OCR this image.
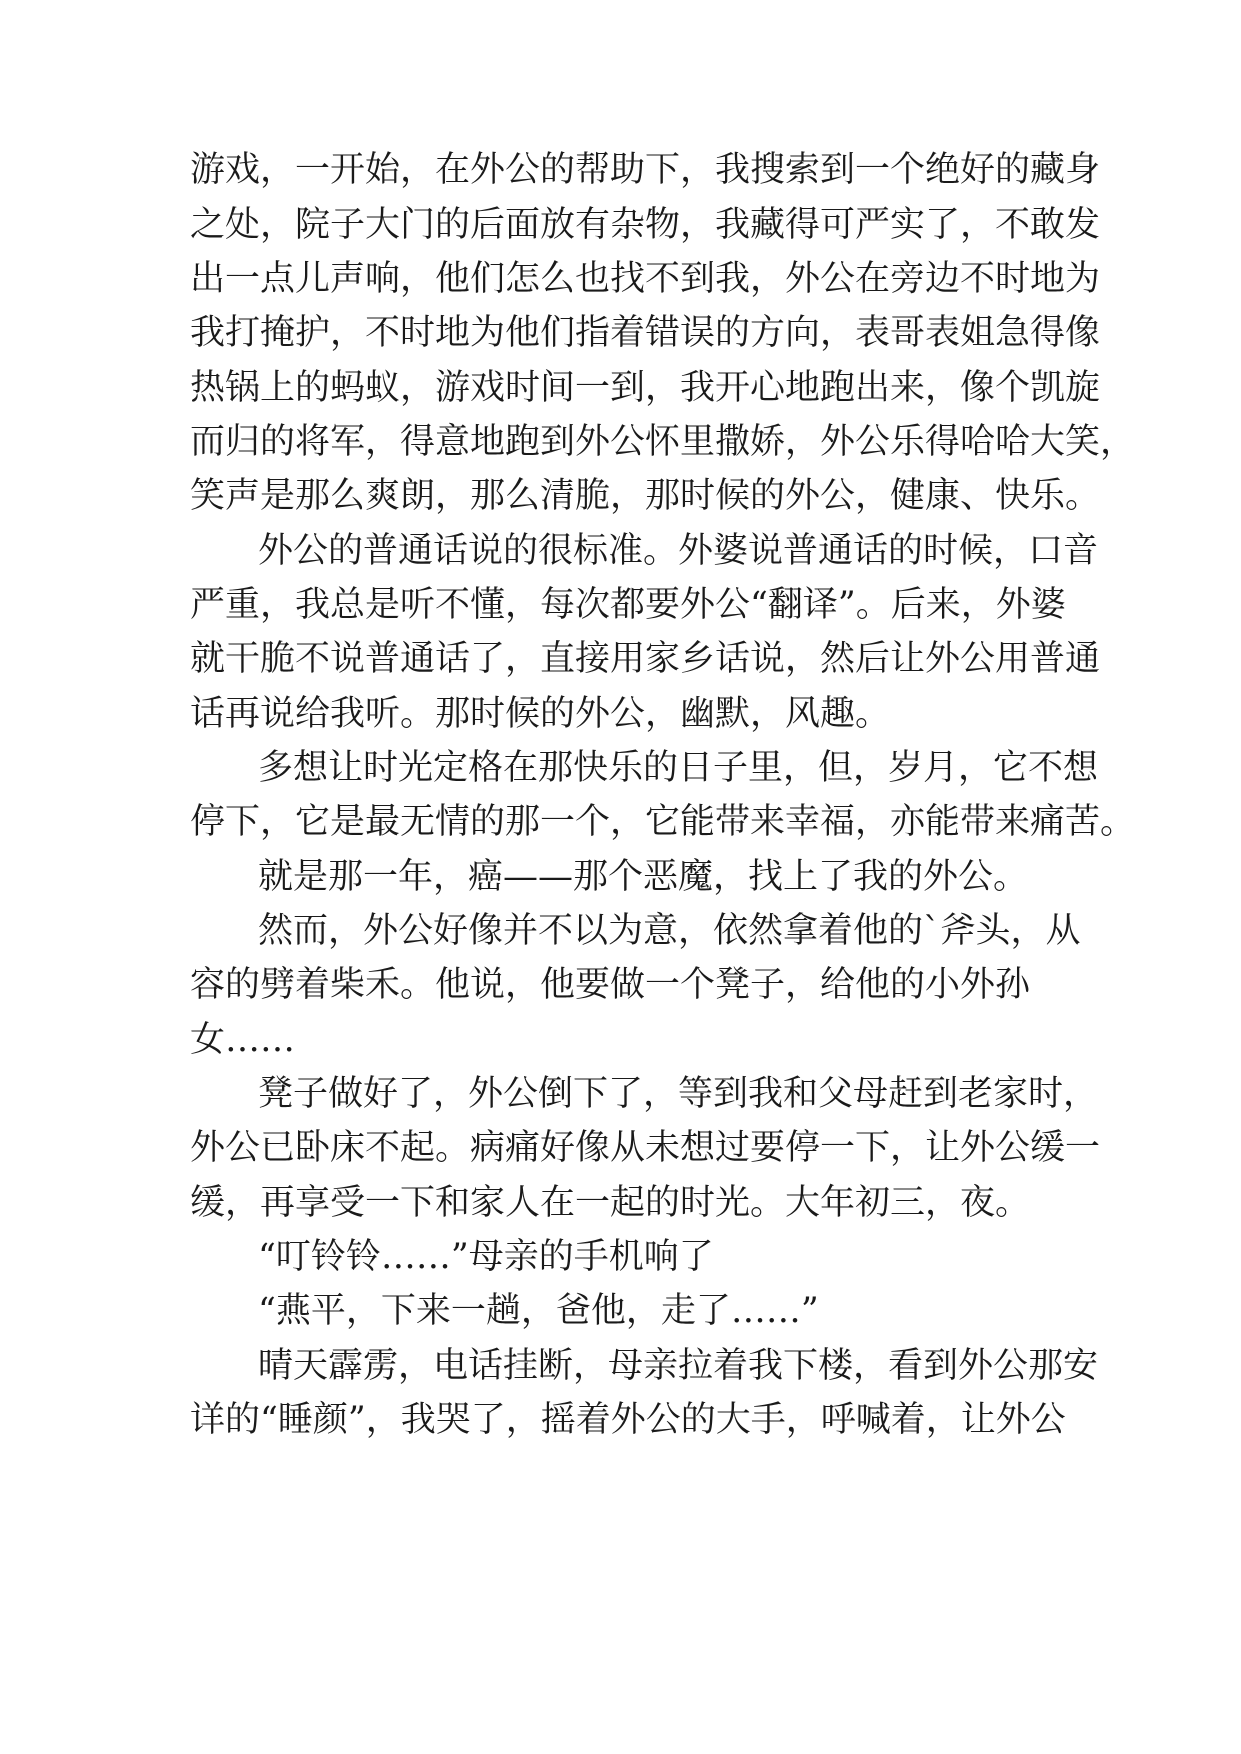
游戏，一开始，在外公的帮助下，我搜索到一个绝好的藏身
之处，院子大门的后面放有杂物，我藏得可严实了，不敢发
出一点儿声响，他们怎么也找不到我，外公在旁边不时地为
我打掩护，不时地为他们指着错误的方向，表哥表姐急得像
热锅上的蚂蚁，游戏时间一到，我开心地跑出来，像个凯旋
而归的将军，得意地跑到外公怀里撒娇，外公乐得哈哈大笑，
笑声是那么爽朗，那么清脆，那时候的外公，健康、快乐。
外公的普通话说的很标准。外婆说普通话的时候，口音
严重，我总是听不懂，每次都要外公“翻译”。后来，外婆
就干脆不说普通话了，直接用家乡话说，然后让外公用普通
话再说给我听。那时候的外公，幽默，风趣。
多想让时光定格在那快乐的日子里，但，岁月，它不想
停下，它是最无情的那一个，它能带来幸福，亦能带来痛苦。
就是那一年，癌——那个恶魔，找上了我的外公。
然而，外公好像并不以为意，依然拿着他的`斧头，从
容的劈着柴禾。他说，他要做一个凳子，给他的小外孙
女……
凳子做好了，外公倒下了，等到我和父母赶到老家时，
外公已卧床不起。病痛好像从未想过要停一下，让外公缓一
缓，再享受一下和家人在一起的时光。大年初三，夜。
“叮铃铃……”母亲的手机响了
“燕平，下来一趟，爸他，走了……”
晴天霹雳，电话挂断，母亲拉着我下楼，看到外公那安
详的“睡颜”，我哭了，摇着外公的大手，呼喊着，让外公
